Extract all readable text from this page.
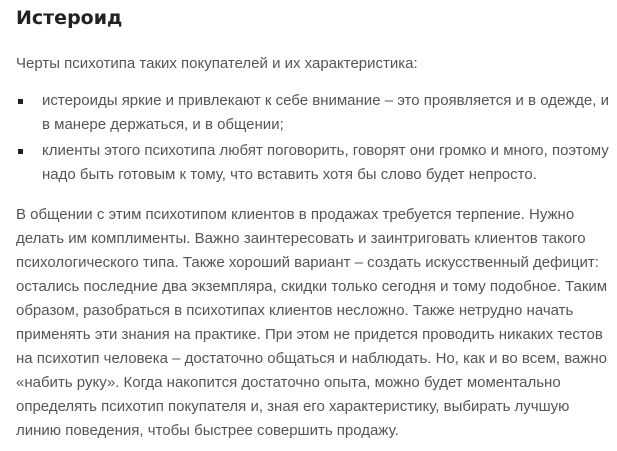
Истероид

Черты психотипа таких покупателей и их характеристика:

истероиды яркие и привлекают к себе внимание – это проявляется и в одежде, и в манере держаться, и в общении;
клиенты этого психотипа любят поговорить, говорят они громко и много, поэтому надо быть готовым к тому, что вставить хотя бы слово будет непросто.

В общении с этим психотипом клиентов в продажах требуется терпение. Нужно делать им комплименты. Важно заинтересовать и заинтриговать клиентов такого психологического типа. Также хороший вариант – создать искусственный дефицит: остались последние два экземпляра, скидки только сегодня и тому подобное. Таким образом, разобраться в психотипах клиентов несложно. Также нетрудно начать применять эти знания на практике. При этом не придется проводить никаких тестов на психотип человека – достаточно общаться и наблюдать. Но, как и во всем, важно «набить руку». Когда накопится достаточно опыта, можно будет моментально определять психотип покупателя и, зная его характеристику, выбирать лучшую линию поведения, чтобы быстрее совершить продажу.
